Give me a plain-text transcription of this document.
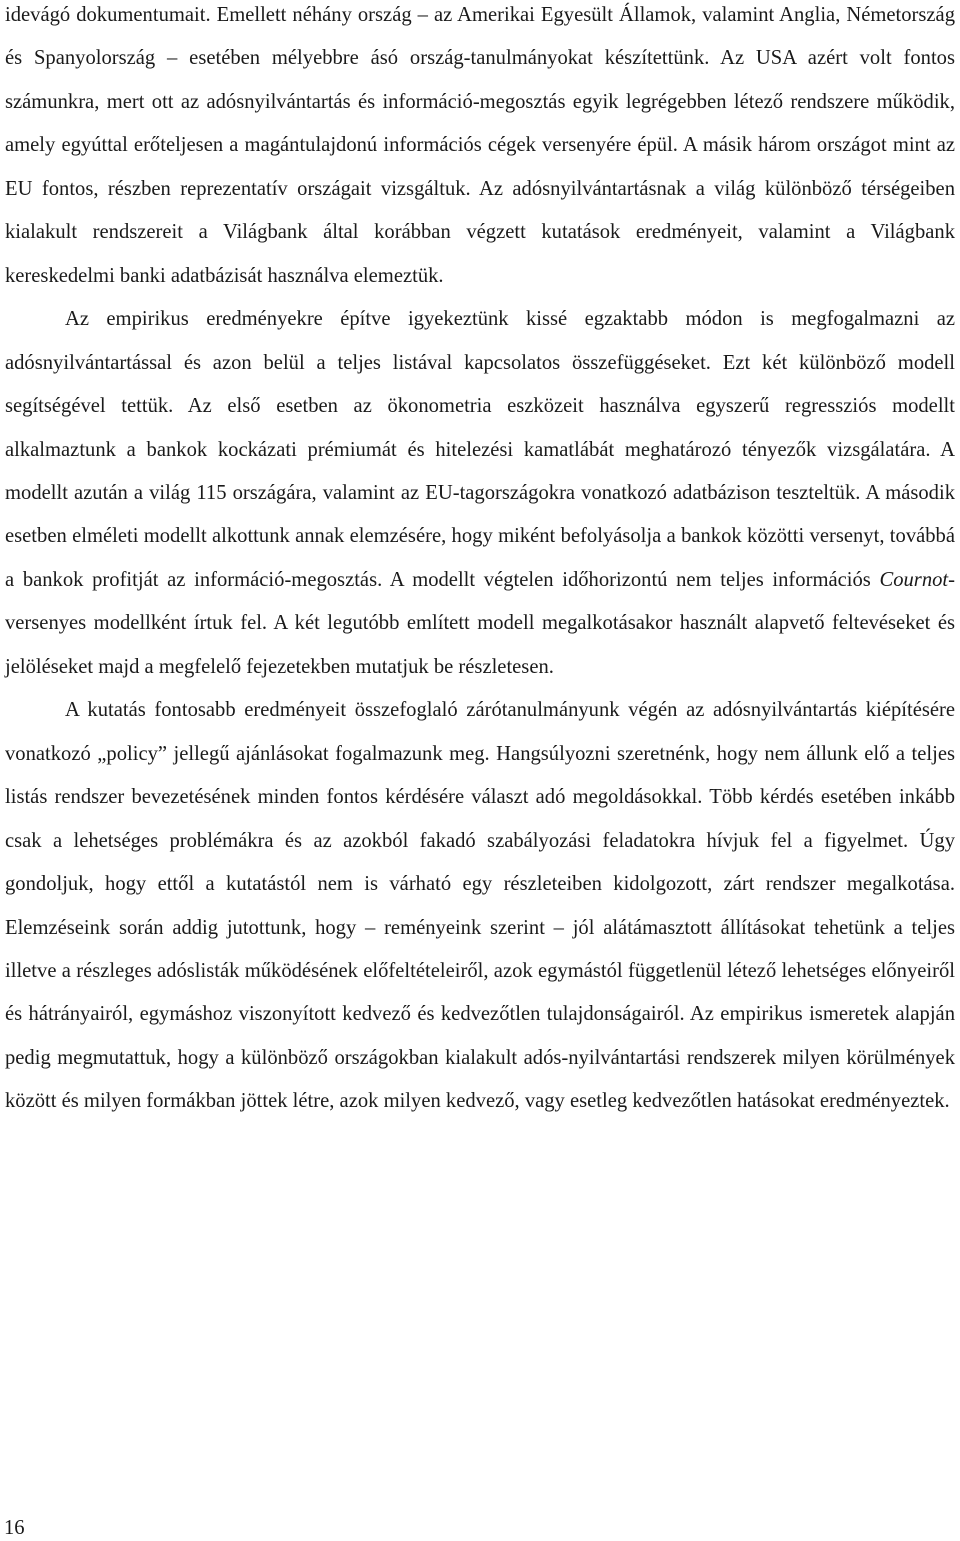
idevágó dokumentumait. Emellett néhány ország – az Amerikai Egyesült Államok, valamint Anglia, Németország és Spanyolország – esetében mélyebbre ásó ország-tanulmányokat készítettünk. Az USA azért volt fontos számunkra, mert ott az adósnyilvántartás és információ-megosztás egyik legrégebben létező rendszere működik, amely egyúttal erőteljesen a magántulajdonú információs cégek versenyére épül. A másik három országot mint az EU fontos, részben reprezentatív országait vizsgáltuk. Az adósnyilvántartásnak a világ különböző térségeiben kialakult rendszereit a Világbank által korábban végzett kutatások eredményeit, valamint a Világbank kereskedelmi banki adatbázisát használva elemeztük.

Az empirikus eredményekre építve igyekeztünk kissé egzaktabb módon is megfogalmazni az adósnyilvántartással és azon belül a teljes listával kapcsolatos összefüggéseket. Ezt két különböző modell segítségével tettük. Az első esetben az ökonometria eszközeit használva egyszerű regressziós modellt alkalmaztunk a bankok kockázati prémiumát és hitelezési kamatlábát meghatározó tényezők vizsgálatára. A modellt azután a világ 115 országára, valamint az EU-tagországokra vonatkozó adatbázison teszteltük. A második esetben elméleti modellt alkottunk annak elemzésére, hogy miként befolyásolja a bankok közötti versenyt, továbbá a bankok profitját az információ-megosztás. A modellt végtelen időhorizontú nem teljes információs Cournot-versenyes modellként írtuk fel. A két legutóbb említett modell megalkotásakor használt alapvető feltevéseket és jelöléseket majd a megfelelő fejezetekben mutatjuk be részletesen.

A kutatás fontosabb eredményeit összefoglaló zárótanulmányunk végén az adósnyilvántartás kiépítésére vonatkozó „policy” jellegű ajánlásokat fogalmazunk meg. Hangsúlyozni szeretnénk, hogy nem állunk elő a teljes listás rendszer bevezetésének minden fontos kérdésére választ adó megoldásokkal. Több kérdés esetében inkább csak a lehetséges problémákra és az azokból fakadó szabályozási feladatokra hívjuk fel a figyelmet. Úgy gondoljuk, hogy ettől a kutatástól nem is várható egy részleteiben kidolgozott, zárt rendszer megalkotása. Elemzéseink során addig jutottunk, hogy – reményeink szerint – jól alátámasztott állításokat tehetünk a teljes illetve a részleges adóslisták működésének előfeltételeiről, azok egymástól függetlenül létező lehetséges előnyeiről és hátrányairól, egymáshoz viszonyított kedvező és kedvezőtlen tulajdonságairól. Az empirikus ismeretek alapján pedig megmutattuk, hogy a különböző országokban kialakult adós-nyilvántartási rendszerek milyen körülmények között és milyen formákban jöttek létre, azok milyen kedvező, vagy esetleg kedvezőtlen hatásokat eredményeztek.

16
